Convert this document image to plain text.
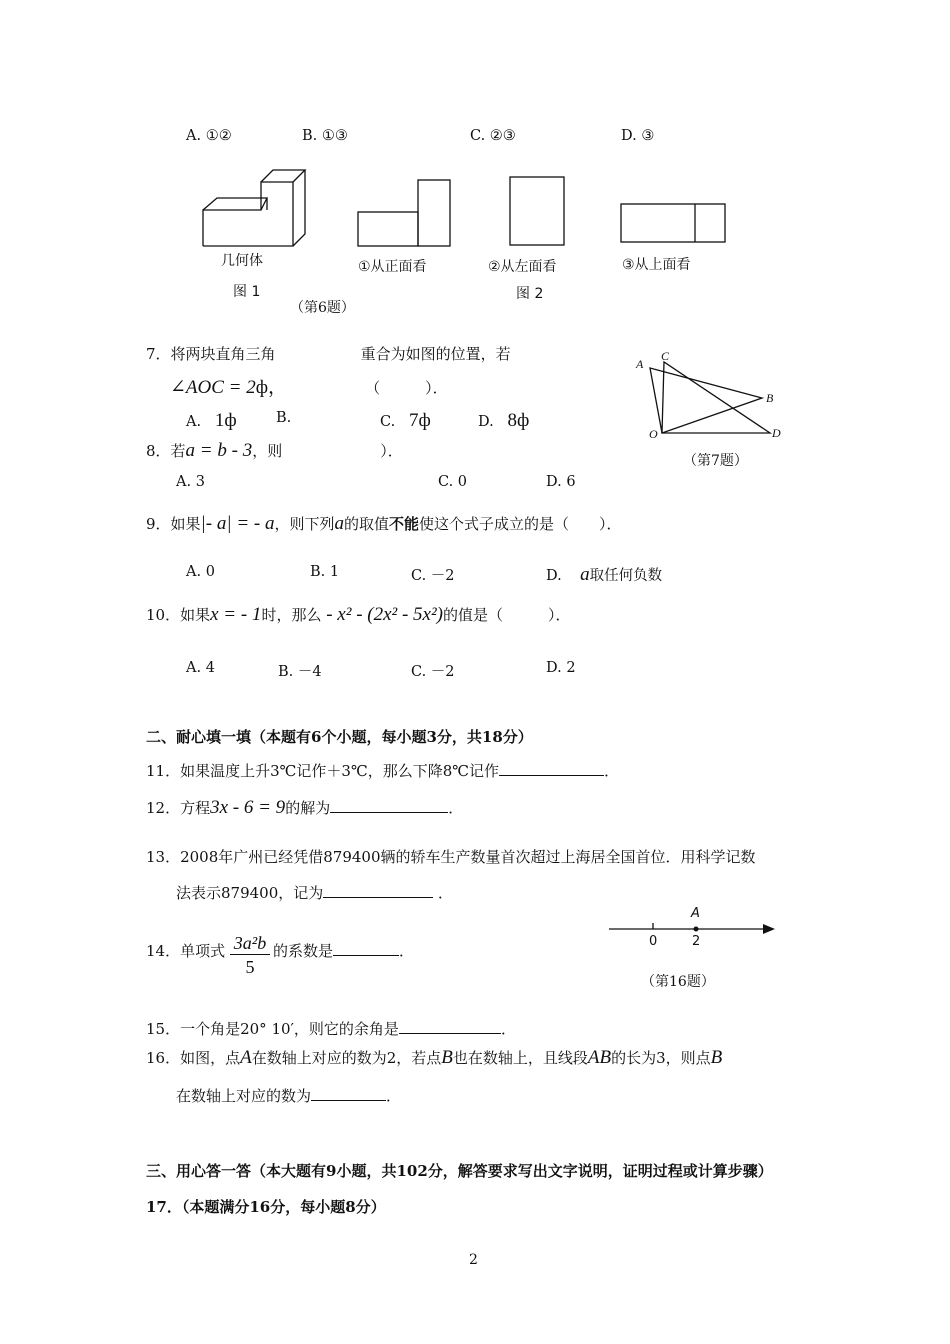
A. ①②	B. ①③	C. ②③	D. ③
几何体	①从正面看	②从左面看	③从上面看
图 1	图 2
（第6题）
7．将两块直角三角	重合为如图的位置，若
∠AOC = 2ф，	（　　　）．
A. 1ф	B.	C. 7ф	D. 8ф
A
C
B
O	D
（第7题）
8．若a = b - 3，则	）．
A. 3	C. 0	D. 6
9．如果|- a| = - a，则下列a的取值不能使这个式子成立的是（　　）．
A. 0	B. 1	C. －2	D. a取任何负数
10．如果x = - 1时，那么 - x² - (2x² - 5x²)的值是（　　　）．
A. 4	B. －4	C. －2	D. 2
二、耐心填一填（本题有6个小题，每小题3分，共18分）
11．如果温度上升3℃记作＋3℃，那么下降8℃记作	．
12．方程3x - 6 = 9的解为	．
13．2008年广州已经凭借879400辆的轿车生产数量首次超过上海居全国首位．用科学记数
法表示879400，记为	．
14．单项式 $\frac{\text{3a²b}}{5}$ 的系数是	．
A
0	2
（第16题）
15．一个角是20° 10′，则它的余角是	．
16．如图，点A在数轴上对应的数为2，若点B也在数轴上，且线段AB的长为3，则点B
在数轴上对应的数为	．
三、用心答一答（本大题有9小题，共102分，解答要求写出文字说明，证明过程或计算步骤）
17．（本题满分16分，每小题8分）
2
